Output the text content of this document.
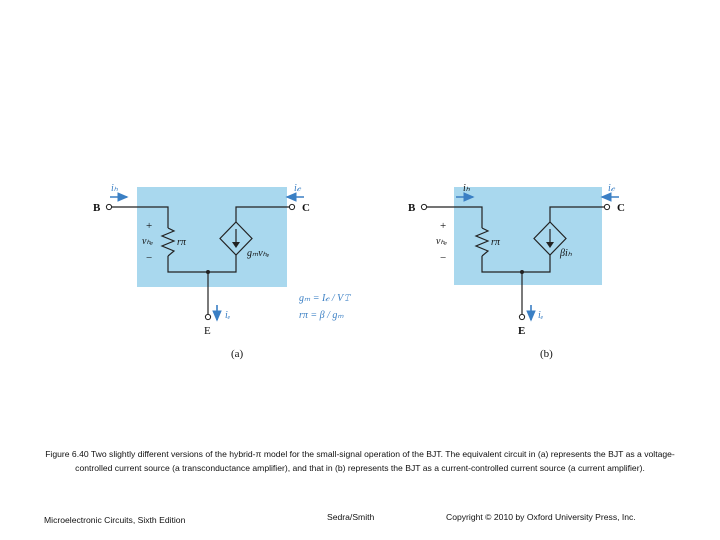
iₕ	i𝒸
B	C
+
vₕₑ
−
rπ
gₘvₕₑ
iₑ
E
gₘ = I𝒸 / V𝚃
rπ = β / gₘ
(a)
iₕ	i𝒸
B	C
+
vₕₑ
−
rπ
βiₕ
iₑ
E
(b)
Figure 6.40 Two slightly different versions of the hybrid-π model for the small-signal operation of the BJT. The equivalent circuit in (a) represents the BJT as a voltage-controlled current source (a transconductance amplifier), and that in (b) represents the BJT as a current-controlled current source (a current amplifier).
Microelectronic Circuits, Sixth Edition	Sedra/Smith	Copyright © 2010 by Oxford University Press, Inc.
